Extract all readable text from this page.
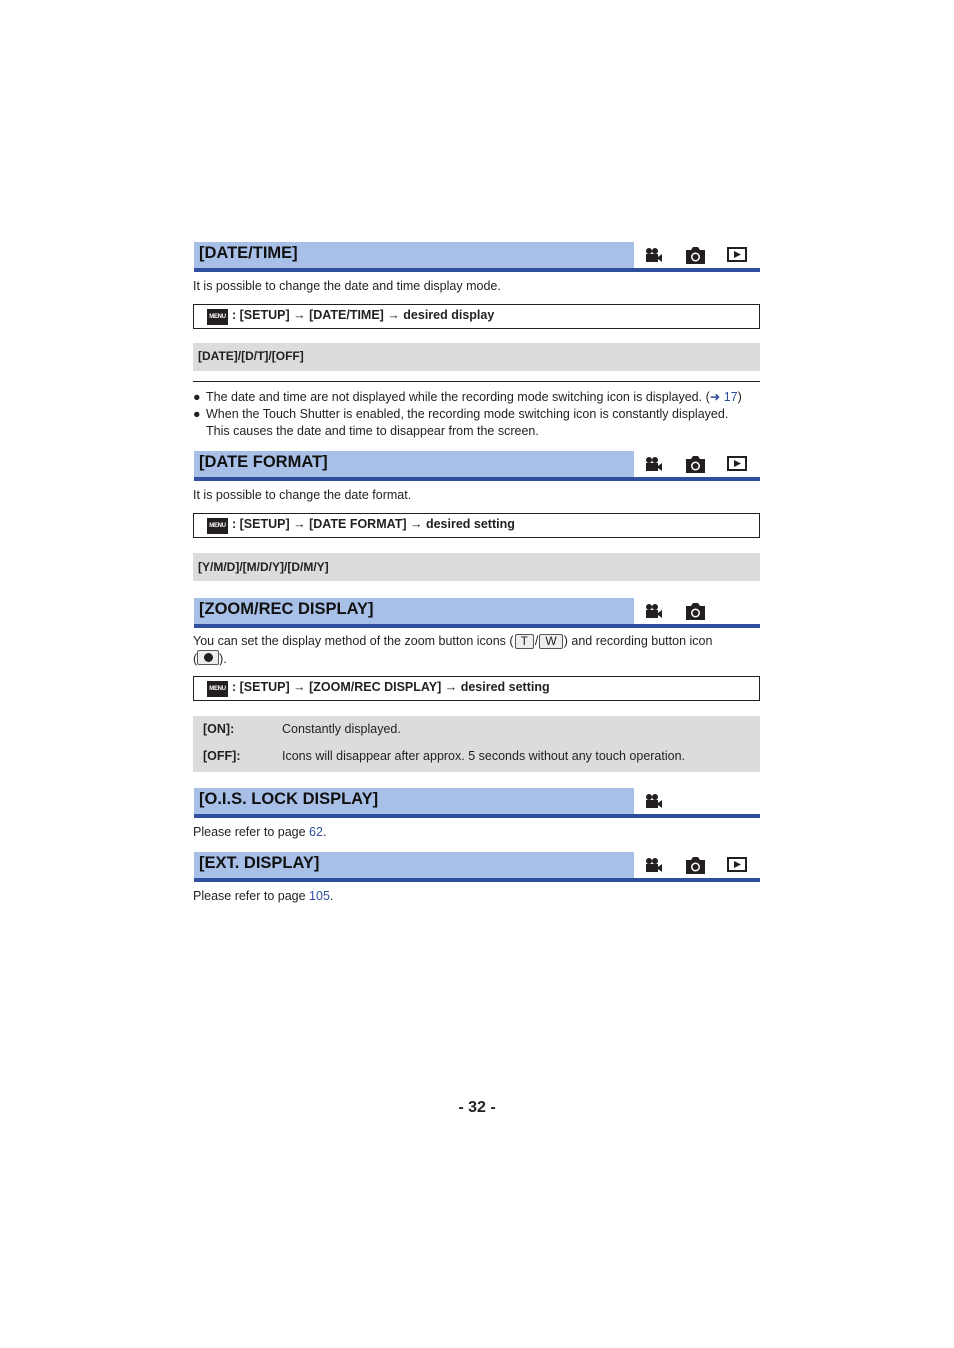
[DATE/TIME]
It is possible to change the date and time display mode.
MENU : [SETUP] → [DATE/TIME] → desired display
[DATE]/[D/T]/[OFF]
● The date and time are not displayed while the recording mode switching icon is displayed. (➜ 17)
● When the Touch Shutter is enabled, the recording mode switching icon is constantly displayed.
This causes the date and time to disappear from the screen.
[DATE FORMAT]
It is possible to change the date format.
MENU : [SETUP] → [DATE FORMAT] → desired setting
[Y/M/D]/[M/D/Y]/[D/M/Y]
[ZOOM/REC DISPLAY]
You can set the display method of the zoom button icons ( T / W ) and recording button icon
( ).
MENU : [SETUP] → [ZOOM/REC DISPLAY] → desired setting
[ON]:	Constantly displayed.
[OFF]:	Icons will disappear after approx. 5 seconds without any touch operation.
[O.I.S. LOCK DISPLAY]
Please refer to page 62.
[EXT. DISPLAY]
Please refer to page 105.
- 32 -
